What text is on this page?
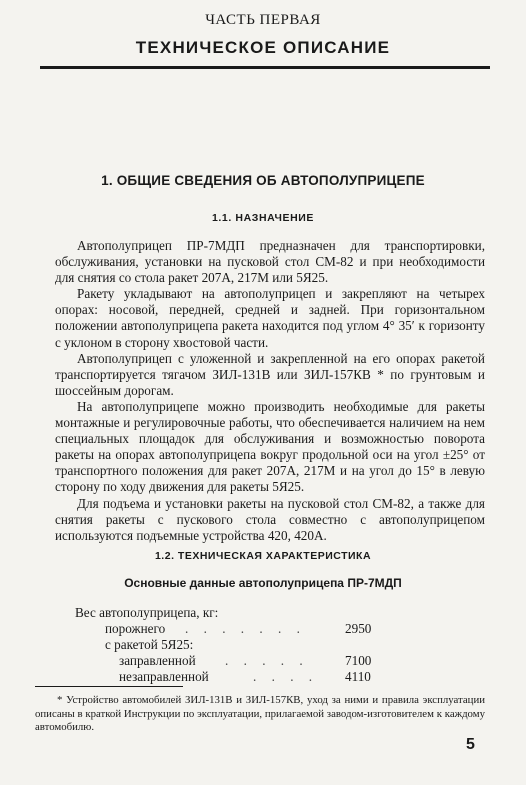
ЧАСТЬ ПЕРВАЯ
ТЕХНИЧЕСКОЕ ОПИСАНИЕ
1. ОБЩИЕ СВЕДЕНИЯ ОБ АВТОПОЛУПРИЦЕПЕ
1.1. НАЗНАЧЕНИЕ

Автополуприцеп ПР-7МДП предназначен для транспортировки, обслуживания, установки на пусковой стол СМ-82 и при необходимости для снятия со стола ракет 207А, 217М или 5Я25.

Ракету укладывают на автополуприцеп и закрепляют на четырех опорах: носовой, передней, средней и задней. При горизонтальном положении автополуприцепа ракета находится под углом 4° 35′ к горизонту с уклоном в сторону хвостовой части.

Автополуприцеп с уложенной и закрепленной на его опорах ракетой транспортируется тягачом ЗИЛ-131В или ЗИЛ-157КВ * по грунтовым и шоссейным дорогам.

На автополуприцепе можно производить необходимые для ракеты монтажные и регулировочные работы, что обеспечивается наличием на нем специальных площадок для обслуживания и возможностью поворота ракеты на опорах автополуприцепа вокруг продольной оси на угол ±25° от транспортного положения для ракет 207А, 217М и на угол до 15° в левую сторону по ходу движения для ракеты 5Я25.

Для подъема и установки ракеты на пусковой стол СМ-82, а также для снятия ракеты с пускового стола совместно с автополуприцепом используются подъемные устройства 420, 420А.

1.2. ТЕХНИЧЕСКАЯ ХАРАКТЕРИСТИКА
Основные данные автополуприцепа ПР-7МДП
Вес автополуприцепа, кг:
порожнего . . . . . . .	2950
с ракетой 5Я25:
заправленной . . . . .	7100
незаправленной	. . . . 4110

* Устройство автомобилей ЗИЛ-131В и ЗИЛ-157КВ, уход за ними и правила эксплуатации описаны в краткой Инструкции по эксплуатации, прилагаемой заводом-изготовителем к каждому автомобилю.

5
